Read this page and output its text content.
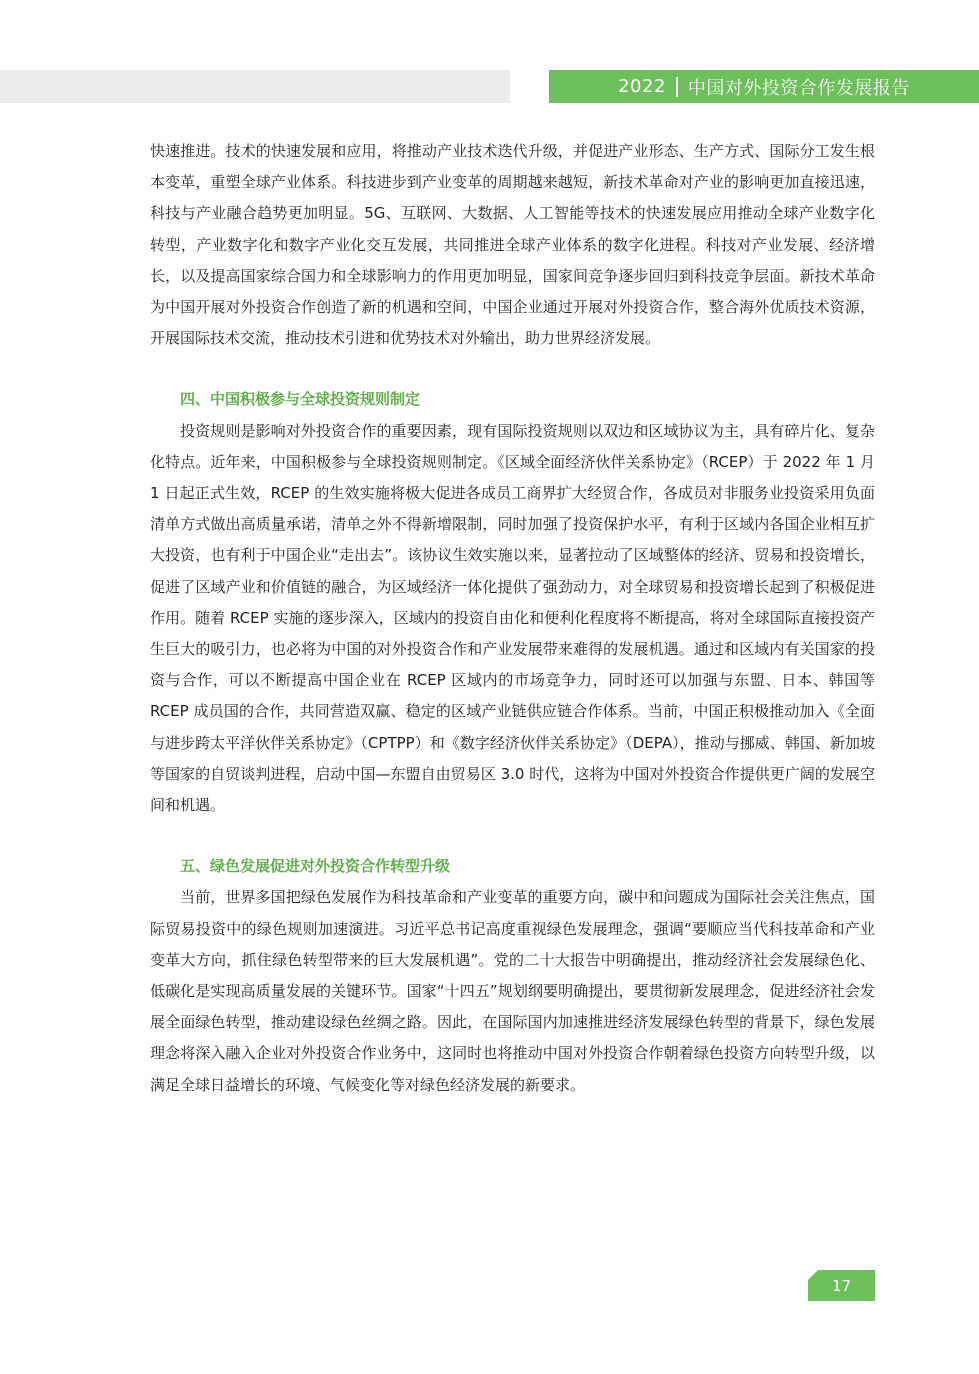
2022 中国对外投资合作发展报告

快速推进。技术的快速发展和应用，将推动产业技术迭代升级，并促进产业形态、生产方式、国际分工发生根本变革，重塑全球产业体系。科技进步到产业变革的周期越来越短，新技术革命对产业的影响更加直接迅速，科技与产业融合趋势更加明显。5G、互联网、大数据、人工智能等技术的快速发展应用推动全球产业数字化转型，产业数字化和数字产业化交互发展，共同推进全球产业体系的数字化进程。科技对产业发展、经济增长，以及提高国家综合国力和全球影响力的作用更加明显，国家间竞争逐步回归到科技竞争层面。新技术革命为中国开展对外投资合作创造了新的机遇和空间，中国企业通过开展对外投资合作，整合海外优质技术资源，开展国际技术交流，推动技术引进和优势技术对外输出，助力世界经济发展。

四、中国积极参与全球投资规则制定

投资规则是影响对外投资合作的重要因素，现有国际投资规则以双边和区域协议为主，具有碎片化、复杂化特点。近年来，中国积极参与全球投资规则制定。《区域全面经济伙伴关系协定》（RCEP）于 2022 年 1 月 1 日起正式生效，RCEP 的生效实施将极大促进各成员工商界扩大经贸合作，各成员对非服务业投资采用负面清单方式做出高质量承诺，清单之外不得新增限制，同时加强了投资保护水平，有利于区域内各国企业相互扩大投资，也有利于中国企业“走出去”。该协议生效实施以来，显著拉动了区域整体的经济、贸易和投资增长，促进了区域产业和价值链的融合，为区域经济一体化提供了强劲动力，对全球贸易和投资增长起到了积极促进作用。随着 RCEP 实施的逐步深入，区域内的投资自由化和便利化程度将不断提高，将对全球国际直接投资产生巨大的吸引力，也必将为中国的对外投资合作和产业发展带来难得的发展机遇。通过和区域内有关国家的投资与合作，可以不断提高中国企业在 RCEP 区域内的市场竞争力，同时还可以加强与东盟、日本、韩国等 RCEP 成员国的合作，共同营造双赢、稳定的区域产业链供应链合作体系。当前，中国正积极推动加入《全面与进步跨太平洋伙伴关系协定》（CPTPP）和《数字经济伙伴关系协定》（DEPA），推动与挪威、韩国、新加坡等国家的自贸谈判进程，启动中国—东盟自由贸易区 3.0 时代，这将为中国对外投资合作提供更广阔的发展空间和机遇。

五、绿色发展促进对外投资合作转型升级

当前，世界多国把绿色发展作为科技革命和产业变革的重要方向，碳中和问题成为国际社会关注焦点，国际贸易投资中的绿色规则加速演进。习近平总书记高度重视绿色发展理念，强调“要顺应当代科技革命和产业变革大方向，抓住绿色转型带来的巨大发展机遇”。党的二十大报告中明确提出，推动经济社会发展绿色化、低碳化是实现高质量发展的关键环节。国家“十四五”规划纲要明确提出，要贯彻新发展理念，促进经济社会发展全面绿色转型，推动建设绿色丝绸之路。因此，在国际国内加速推进经济发展绿色转型的背景下，绿色发展理念将深入融入企业对外投资合作业务中，这同时也将推动中国对外投资合作朝着绿色投资方向转型升级，以满足全球日益增长的环境、气候变化等对绿色经济发展的新要求。

17
